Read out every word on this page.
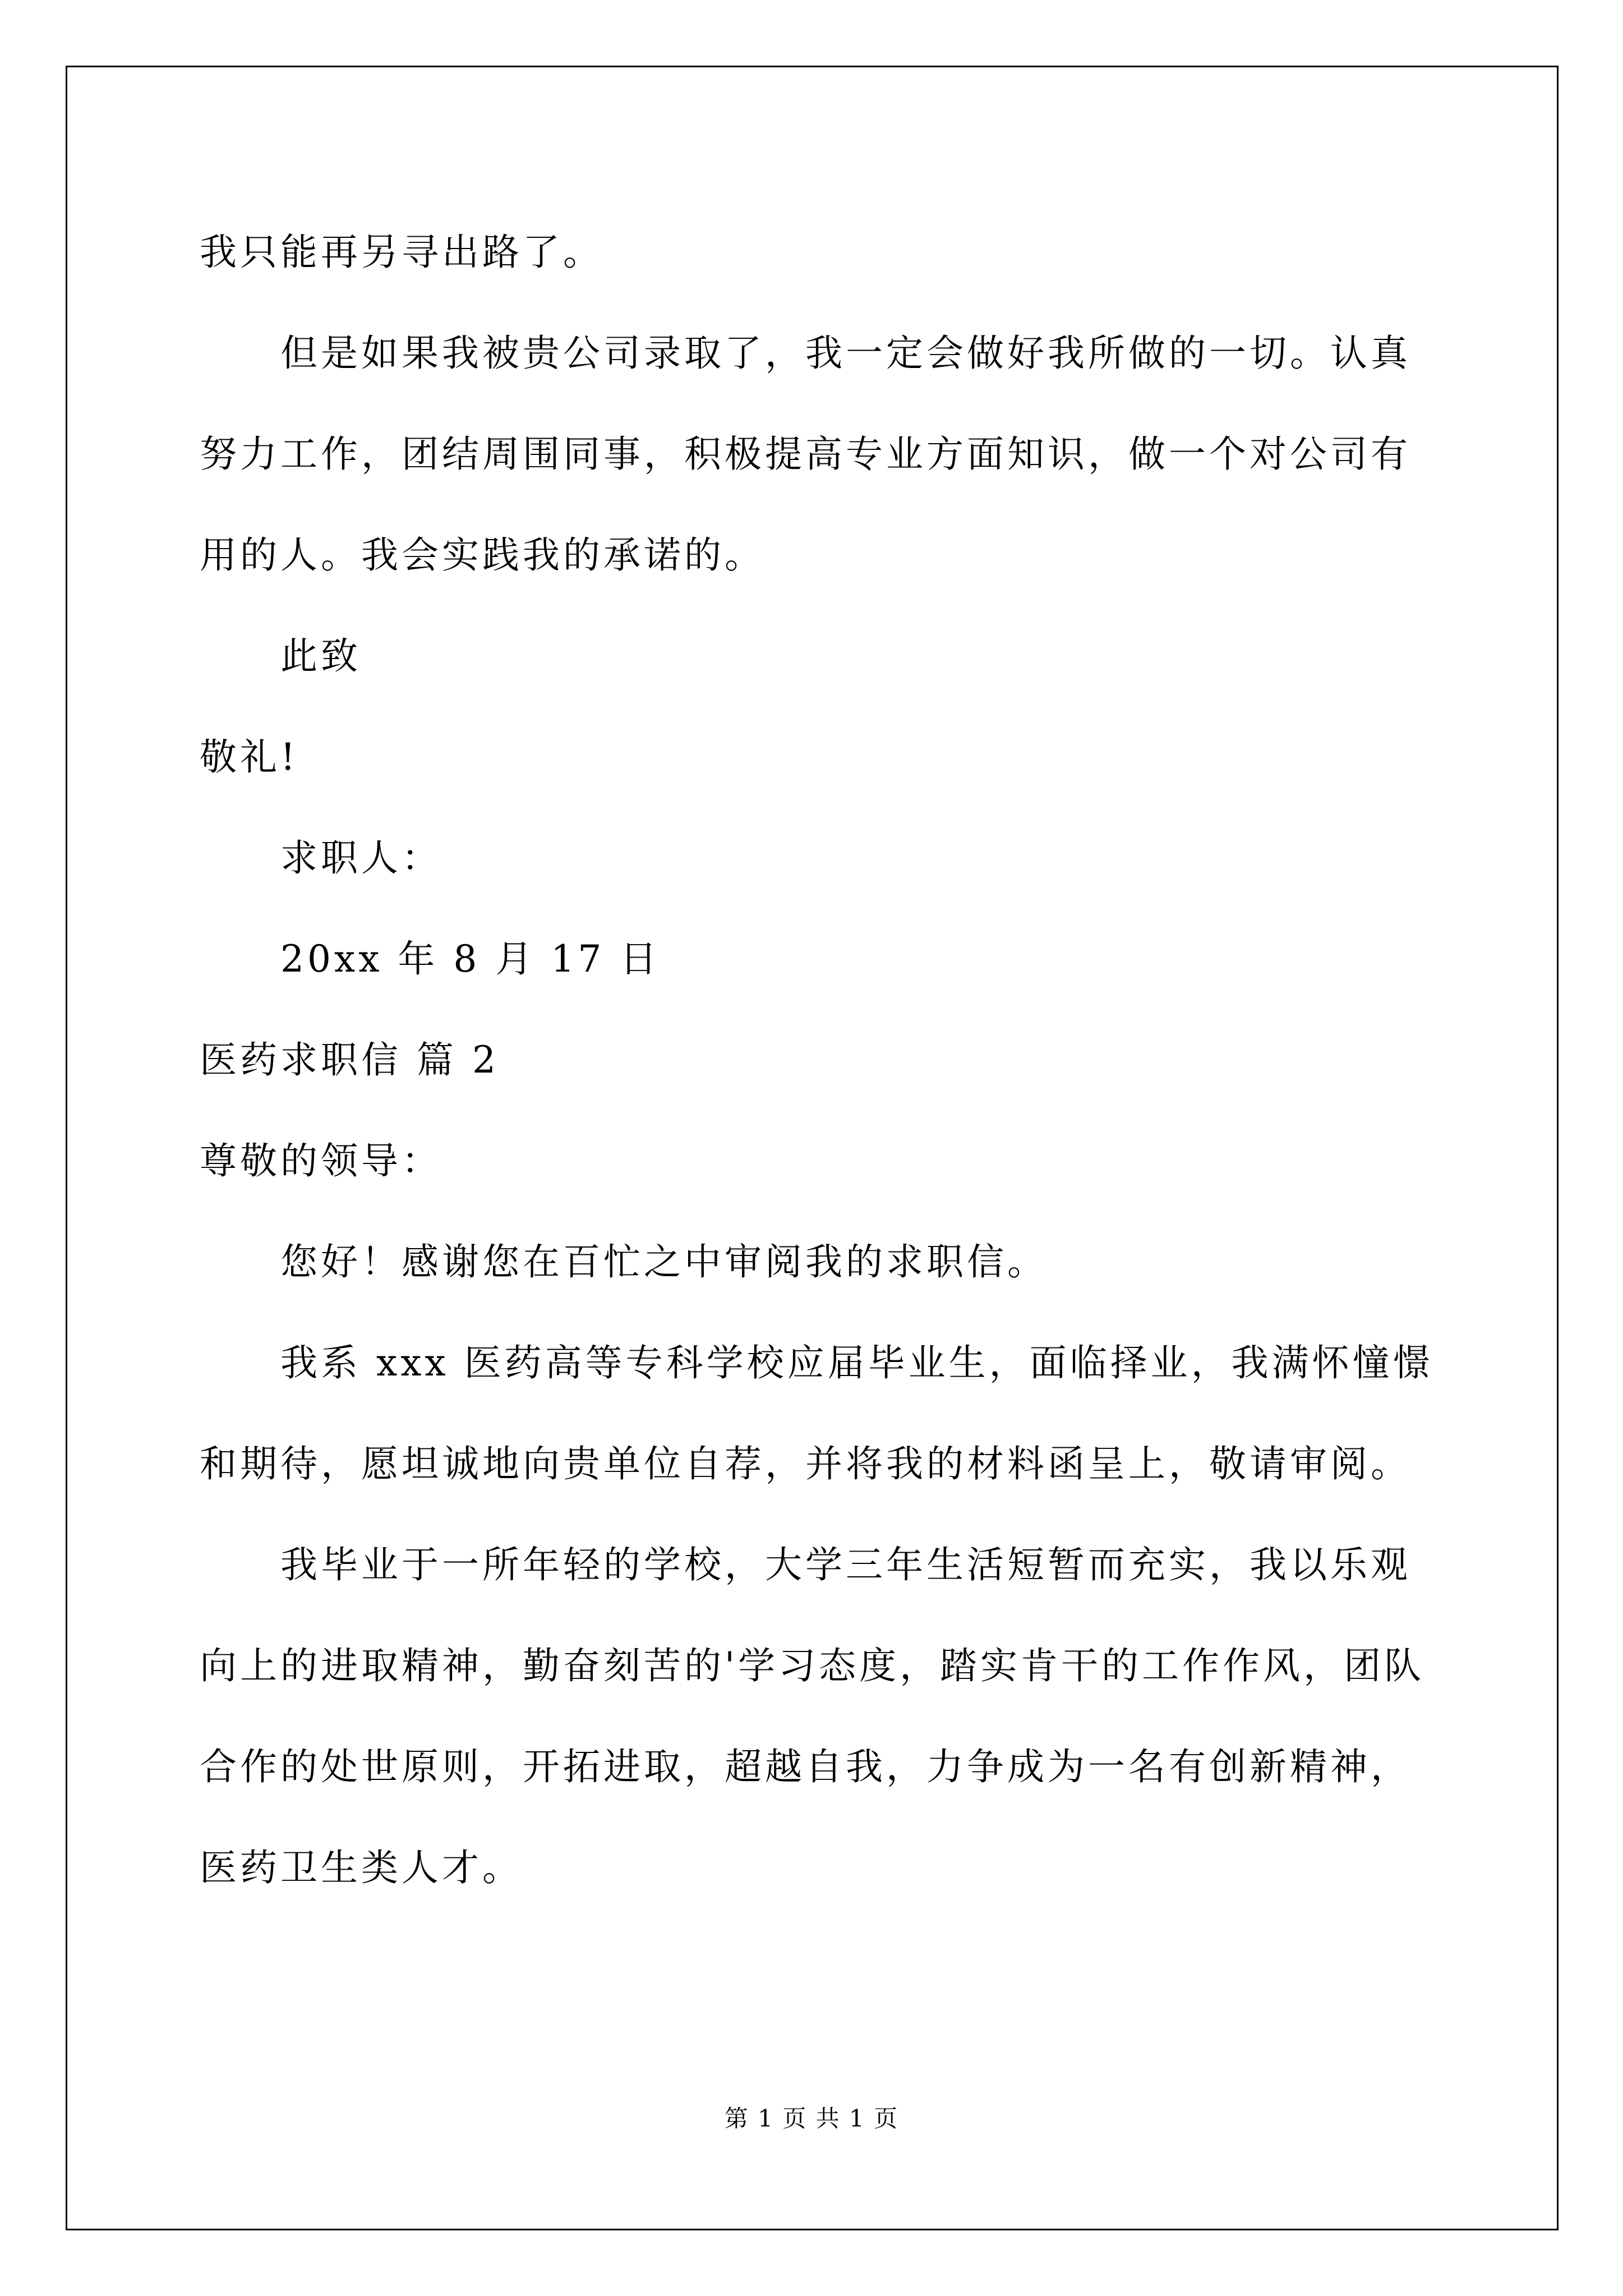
我只能再另寻出路了。
但是如果我被贵公司录取了，我一定会做好我所做的一切。认真
努力工作，团结周围同事，积极提高专业方面知识，做一个对公司有
用的人。我会实践我的承诺的。
此致
敬礼!
求职人：
20xx 年 8 月 17 日
医药求职信 篇 2
尊敬的领导：
您好！感谢您在百忙之中审阅我的求职信。
我系 xxx 医药高等专科学校应届毕业生，面临择业，我满怀憧憬
和期待，愿坦诚地向贵单位自荐，并将我的材料函呈上，敬请审阅。
我毕业于一所年轻的学校，大学三年生活短暂而充实，我以乐观
向上的进取精神，勤奋刻苦的'学习态度，踏实肯干的工作作风，团队
合作的处世原则，开拓进取，超越自我，力争成为一名有创新精神，
医药卫生类人才。
第 1 页 共 1 页
